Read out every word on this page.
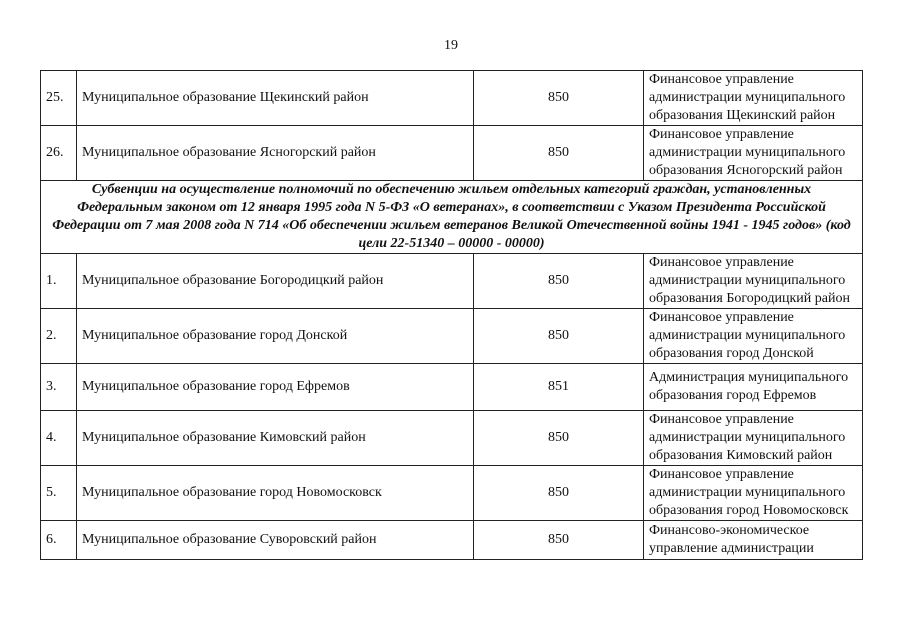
19
25.	Муниципальное образование Щекинский район	850	Финансовое управление администрации муниципального образования Щекинский район
26.	Муниципальное образование Ясногорский район	850	Финансовое управление администрации муниципального образования Ясногорский район
Субвенции на осуществление полномочий по обеспечению жильем отдельных категорий граждан, установленных Федеральным законом от 12 января 1995 года N 5-ФЗ «О ветеранах», в соответствии с Указом Президента Российской Федерации от 7 мая 2008 года N 714 «Об обеспечении жильем ветеранов Великой Отечественной войны 1941 - 1945 годов» (код цели 22-51340 – 00000 - 00000)			
1.	Муниципальное образование Богородицкий район	850	Финансовое управление администрации муниципального образования Богородицкий район
2.	Муниципальное образование город Донской	850	Финансовое управление администрации муниципального образования город Донской
3.	Муниципальное образование город Ефремов	851	Администрация муниципального образования город Ефремов
4.	Муниципальное образование Кимовский район	850	Финансовое управление администрации муниципального образования Кимовский район
5.	Муниципальное образование город Новомосковск	850	Финансовое управление администрации муниципального образования город Новомосковск
6.	Муниципальное образование Суворовский район	850	Финансово-экономическое управление администрации
